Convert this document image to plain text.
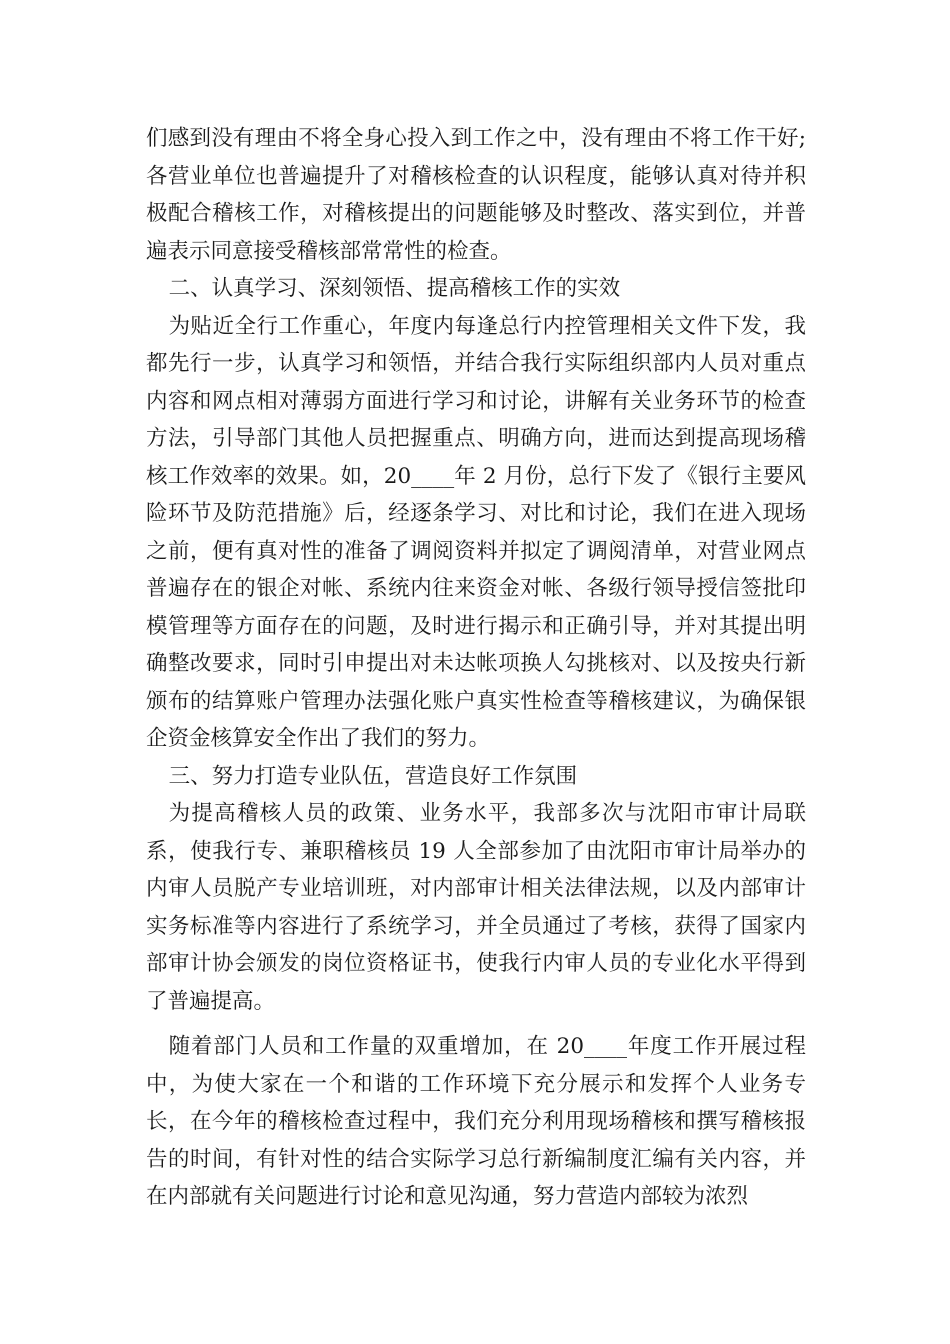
们感到没有理由不将全身心投入到工作之中，没有理由不将工作干好;各营业单位也普遍提升了对稽核检查的认识程度，能够认真对待并积极配合稽核工作，对稽核提出的问题能够及时整改、落实到位，并普遍表示同意接受稽核部常常性的检查。

二、认真学习、深刻领悟、提高稽核工作的实效

为贴近全行工作重心，年度内每逢总行内控管理相关文件下发，我都先行一步，认真学习和领悟，并结合我行实际组织部内人员对重点内容和网点相对薄弱方面进行学习和讨论，讲解有关业务环节的检查方法，引导部门其他人员把握重点、明确方向，进而达到提高现场稽核工作效率的效果。如，20____年 2 月份，总行下发了《银行主要风险环节及防范措施》后，经逐条学习、对比和讨论，我们在进入现场之前，便有真对性的准备了调阅资料并拟定了调阅清单，对营业网点普遍存在的银企对帐、系统内往来资金对帐、各级行领导授信签批印模管理等方面存在的问题，及时进行揭示和正确引导，并对其提出明确整改要求，同时引申提出对未达帐项换人勾挑核对、以及按央行新颁布的结算账户管理办法强化账户真实性检查等稽核建议，为确保银企资金核算安全作出了我们的努力。

三、努力打造专业队伍，营造良好工作氛围

为提高稽核人员的政策、业务水平，我部多次与沈阳市审计局联系，使我行专、兼职稽核员 19 人全部参加了由沈阳市审计局举办的内审人员脱产专业培训班，对内部审计相关法律法规，以及内部审计实务标准等内容进行了系统学习，并全员通过了考核，获得了国家内部审计协会颁发的岗位资格证书，使我行内审人员的专业化水平得到了普遍提高。

随着部门人员和工作量的双重增加，在 20____年度工作开展过程中，为使大家在一个和谐的工作环境下充分展示和发挥个人业务专长，在今年的稽核检查过程中，我们充分利用现场稽核和撰写稽核报告的时间，有针对性的结合实际学习总行新编制度汇编有关内容，并在内部就有关问题进行讨论和意见沟通，努力营造内部较为浓烈
